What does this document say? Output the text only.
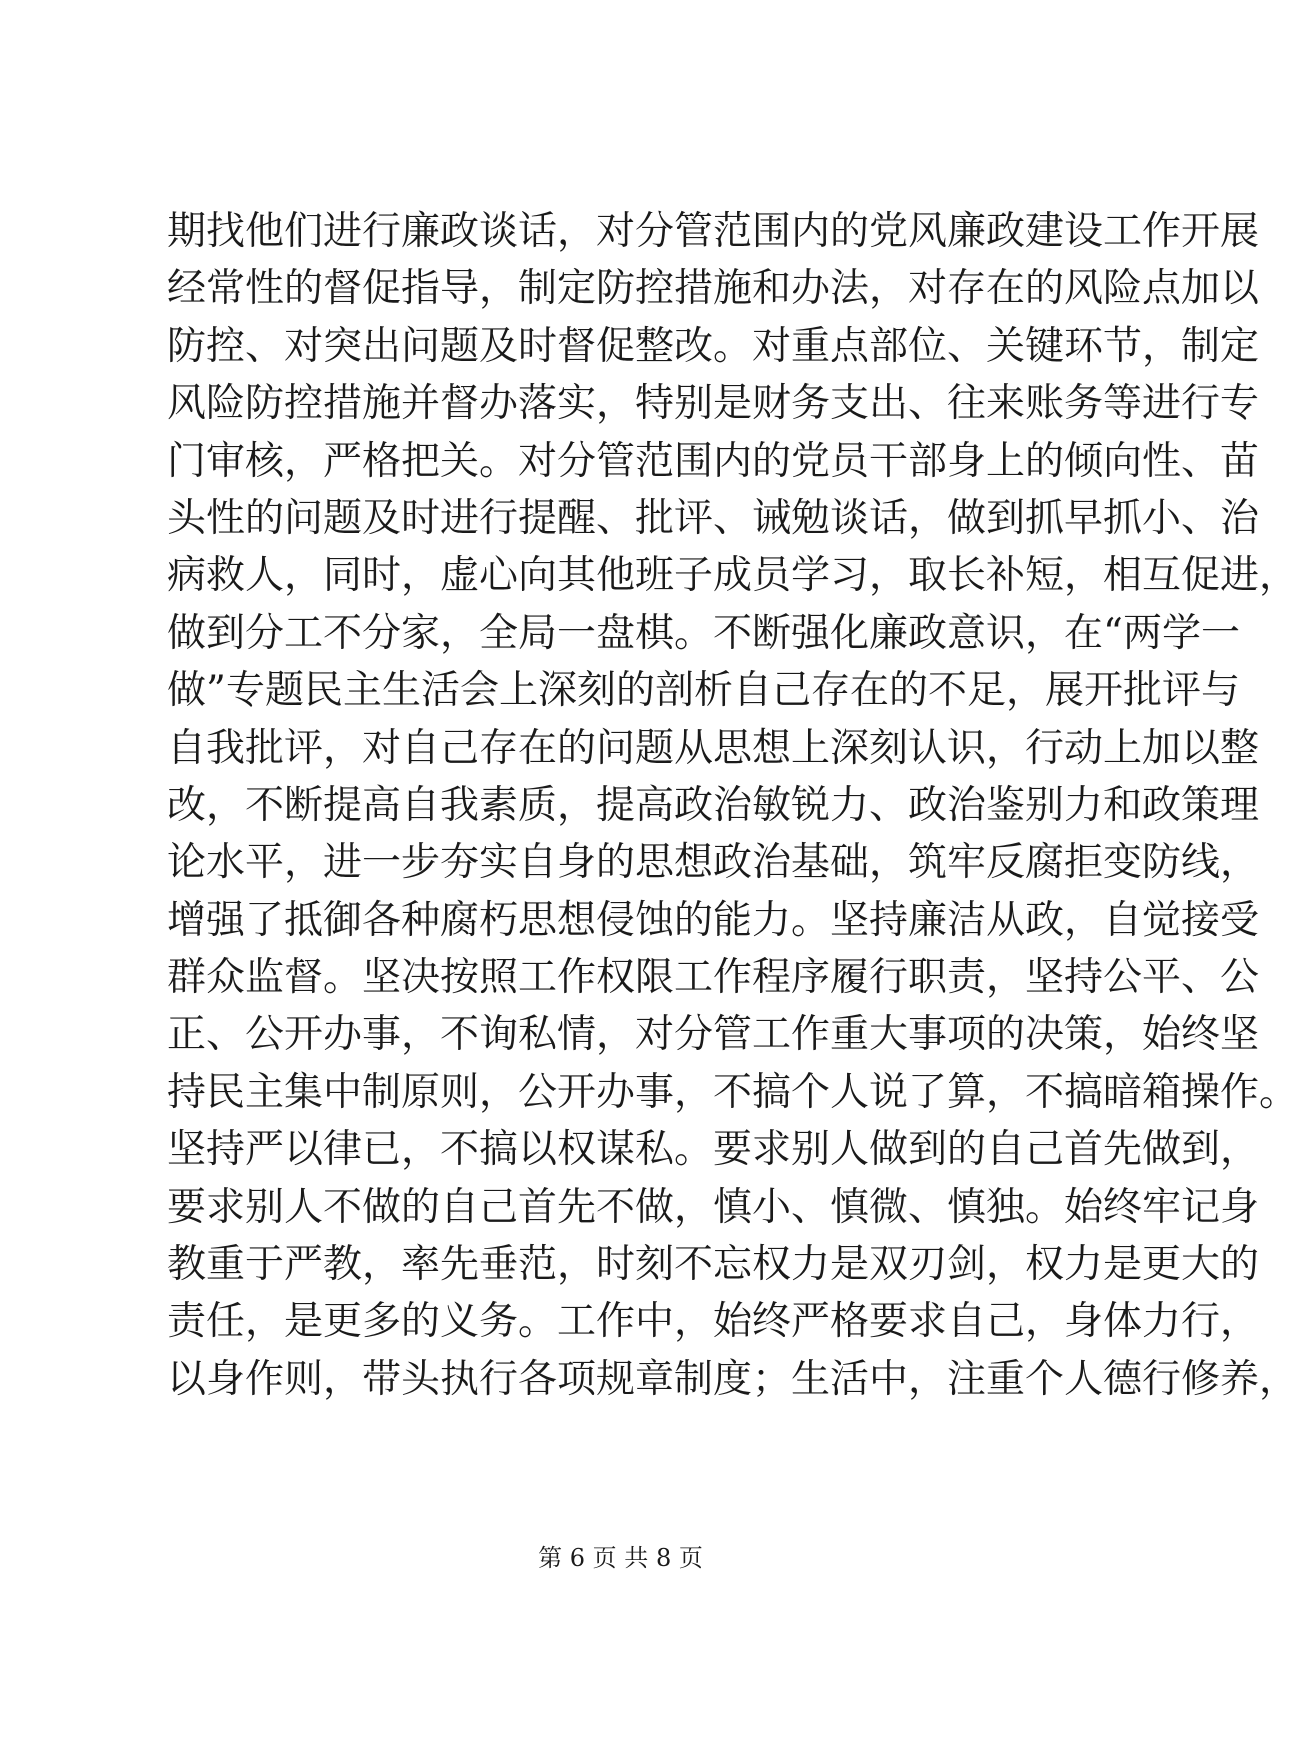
期找他们进行廉政谈话，对分管范围内的党风廉政建设工作开展
经常性的督促指导，制定防控措施和办法，对存在的风险点加以
防控、对突出问题及时督促整改。对重点部位、关键环节，制定
风险防控措施并督办落实，特别是财务支出、往来账务等进行专
门审核，严格把关。对分管范围内的党员干部身上的倾向性、苗
头性的问题及时进行提醒、批评、诫勉谈话，做到抓早抓小、治
病救人，同时，虚心向其他班子成员学习，取长补短，相互促进，
做到分工不分家，全局一盘棋。不断强化廉政意识，在“两学一
做”专题民主生活会上深刻的剖析自己存在的不足，展开批评与
自我批评，对自己存在的问题从思想上深刻认识，行动上加以整
改，不断提高自我素质，提高政治敏锐力、政治鉴别力和政策理
论水平，进一步夯实自身的思想政治基础，筑牢反腐拒变防线，
增强了抵御各种腐朽思想侵蚀的能力。坚持廉洁从政，自觉接受
群众监督。坚决按照工作权限工作程序履行职责，坚持公平、公
正、公开办事，不询私情，对分管工作重大事项的决策，始终坚
持民主集中制原则，公开办事，不搞个人说了算，不搞暗箱操作。
坚持严以律已，不搞以权谋私。要求别人做到的自己首先做到，
要求别人不做的自己首先不做，慎小、慎微、慎独。始终牢记身
教重于严教，率先垂范，时刻不忘权力是双刃剑，权力是更大的
责任，是更多的义务。工作中，始终严格要求自己，身体力行，
以身作则，带头执行各项规章制度；生活中，注重个人德行修养，
第 6 页 共 8 页
